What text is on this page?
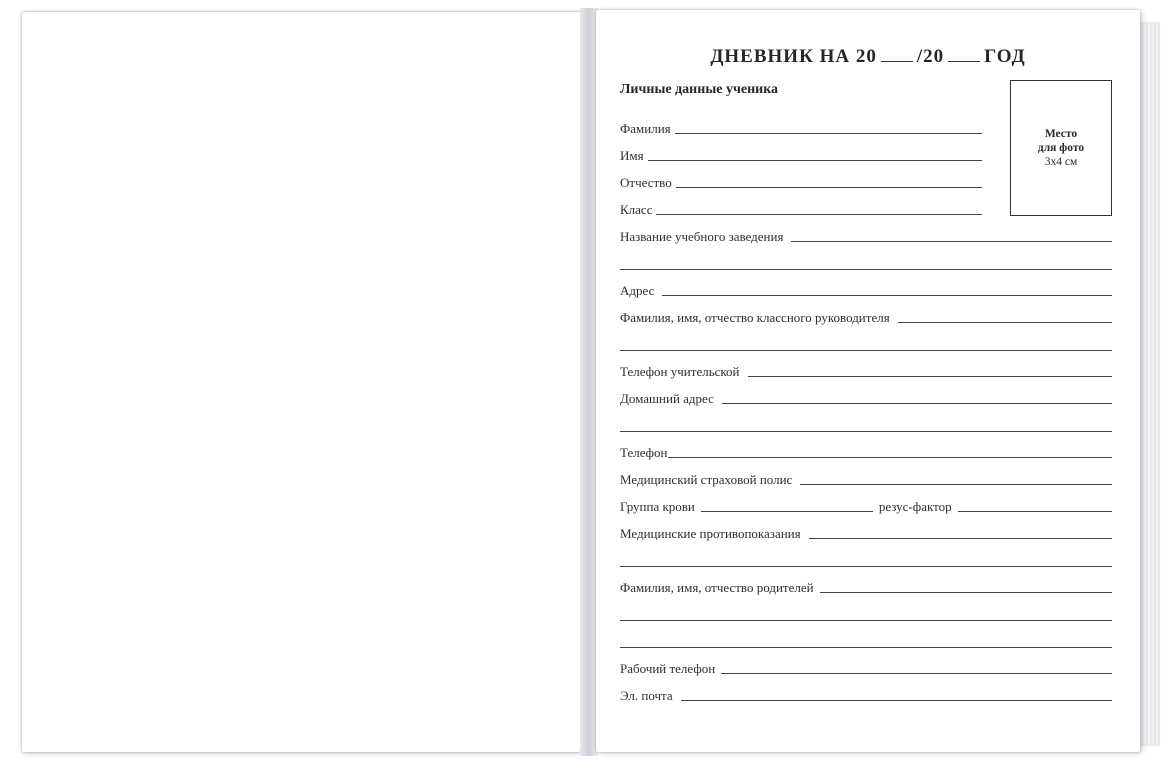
ДНЕВНИК НА 20 /20 ГОД
Личные данные ученика
Место
для фото
3х4 см
Фамилия
Имя
Отчество
Класс
Название учебного заведения
Адрес
Фамилия, имя, отчество классного руководителя
Телефон учительской
Домашний адрес
Телефон
Медицинский страховой полис
Группа крови	резус-фактор
Медицинские противопоказания
Фамилия, имя, отчество родителей
Рабочий телефон
Эл. почта
